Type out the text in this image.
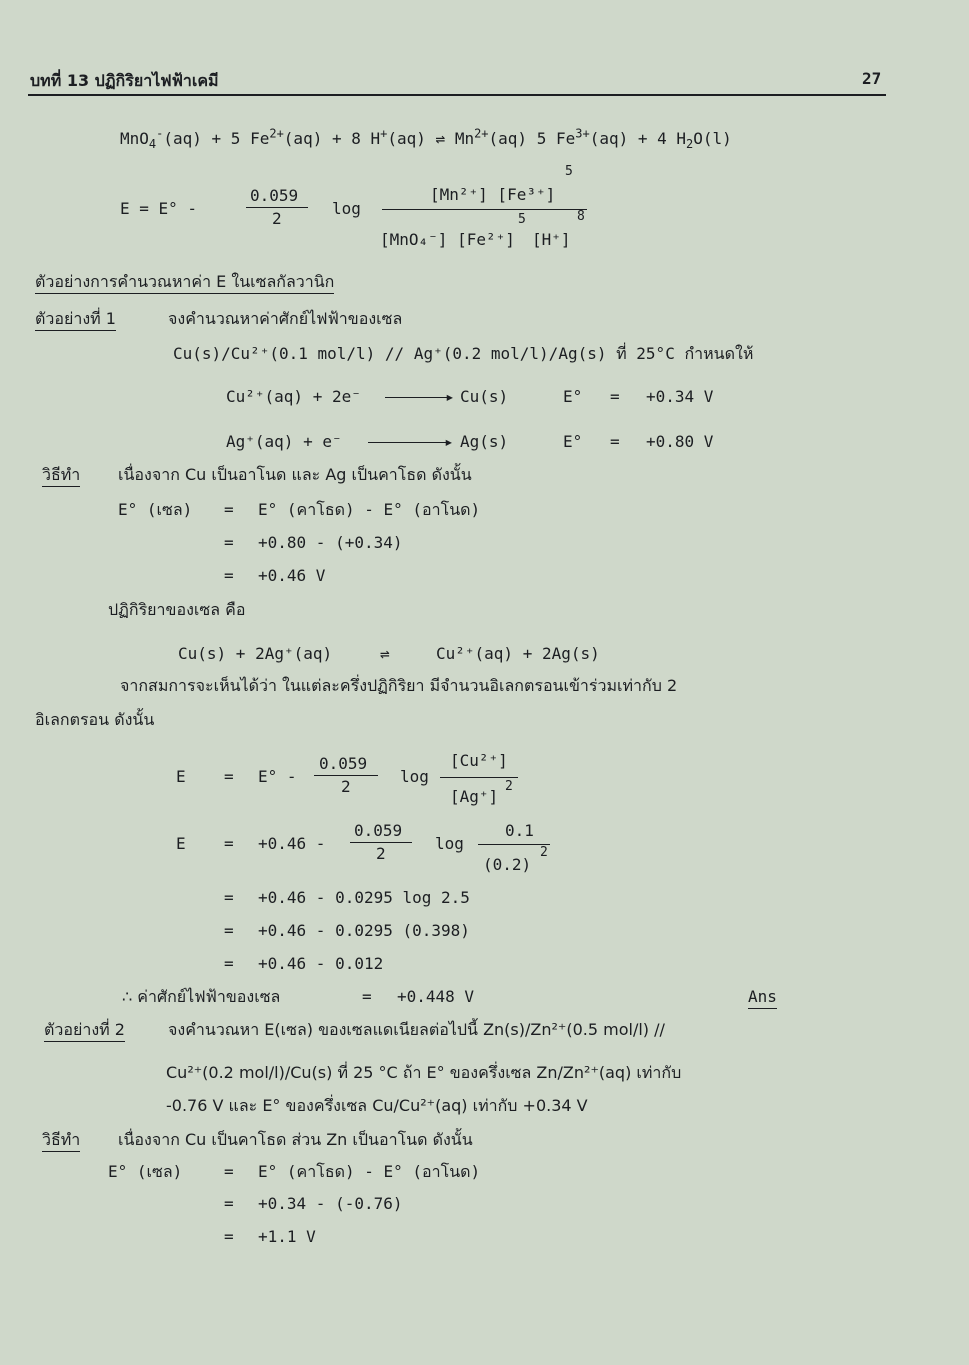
บทที่ 13 ปฏิกิริยาไฟฟ้าเคมี	27
MnO$_4$-(aq) + 5 $Fe^{2+}(aq) + 8$ H+(aq) ⇌ $Mn^{2+}(aq)$ 5 $Fe^{3+}(aq) + 4$ $H_2O(l)$
E = E° -
0.059
2
log
[Mn²⁺] [Fe³⁺]
5
5	8
[MnO₄⁻] [Fe²⁺] [H⁺]
ตัวอย่างการคำนวณหาค่า E ในเซลกัลวานิก
ตัวอย่างที่ 1	จงคำนวณหาค่าศักย์ไฟฟ้าของเซล
Cu(s)/Cu²⁺(0.1 mol/l) // Ag⁺(0.2 mol/l)/Ag(s) ที่ 25°C กำหนดให้
Cu²⁺(aq) + 2e⁻	▸ Cu(s)	E° = +0.34 V
Ag⁺(aq) + e⁻	▸ Ag(s)	E° = +0.80 V
วิธีทำ เนื่องจาก Cu เป็นอาโนด และ Ag เป็นคาโธด ดังนั้น
E° (เซล) = E° (คาโธด) - E° (อาโนด)
= +0.80 - (+0.34)
= +0.46 V
ปฏิกิริยาของเซล คือ
Cu(s) + 2Ag⁺(aq)	⇌	Cu²⁺(aq) + 2Ag(s)
จากสมการจะเห็นได้ว่า ในแต่ละครึ่งปฏิกิริยา มีจำนวนอิเลกตรอนเข้าร่วมเท่ากับ 2
อิเลกตรอน ดังนั้น
E = E° -
0.059
2
log
[Cu²⁺]
[Ag⁺]
2
E = +0.46 -
0.059
2
log
0.1
(0.2)
2
= +0.46 - 0.0295 log 2.5
= +0.46 - 0.0295 (0.398)
= +0.46 - 0.012
∴ ค่าศักย์ไฟฟ้าของเซล	= +0.448 V	Ans
ตัวอย่างที่ 2	จงคำนวณหา E(เซล) ของเซลแดเนียลต่อไปนี้ Zn(s)/Zn²⁺(0.5 mol/l) //
Cu²⁺(0.2 mol/l)/Cu(s) ที่ 25 °C ถ้า E° ของครึ่งเซล Zn/Zn²⁺(aq) เท่ากับ
-0.76 V และ E° ของครึ่งเซล Cu/Cu²⁺(aq) เท่ากับ +0.34 V
วิธีทำ เนื่องจาก Cu เป็นคาโธด ส่วน Zn เป็นอาโนด ดังนั้น
E° (เซล)	= E° (คาโธด) - E° (อาโนด)
= +0.34 - (-0.76)
= +1.1 V
